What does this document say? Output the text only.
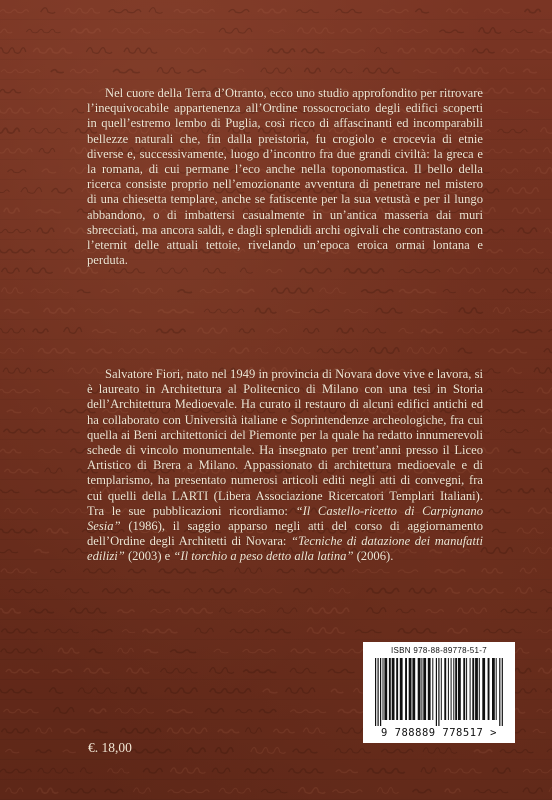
Nel cuore della Terra d’Otranto, ecco uno studio approfondito per ritrovare l’inequivocabile appartenenza all’Ordine rossocrociato degli edifici scoperti in quell’estremo lembo di Puglia, così ricco di affascinanti ed incomparabili bellezze naturali che, fin dalla preistoria, fu crogiolo e crocevia di etnie diverse e, successivamente, luogo d’incontro fra due grandi civiltà: la greca e la romana, di cui permane l’eco anche nella toponomastica. Il bello della ricerca consiste proprio nell’emozionante avventura di penetrare nel mistero di una chiesetta templare, anche se fatiscente per la sua vetustà e per il lungo abbandono, o di imbattersi casualmente in un’antica masseria dai muri sbrecciati, ma ancora saldi, e dagli splendidi archi ogivali che contrastano con l’eternit delle attuali tettoie, rivelando un’epoca eroica ormai lontana e perduta.
Salvatore Fiori, nato nel 1949 in provincia di Novara dove vive e lavora, si è laureato in Architettura al Politecnico di Milano con una tesi in Storia dell’Architettura Medioevale. Ha curato il restauro di alcuni edifici antichi ed ha collaborato con Università italiane e Soprintendenze archeologiche, fra cui quella ai Beni architettonici del Piemonte per la quale ha redatto innumerevoli schede di vincolo monumentale. Ha insegnato per trent’anni presso il Liceo Artistico di Brera a Milano. Appassionato di architettura medioevale e di templarismo, ha presentato numerosi articoli editi negli atti di convegni, fra cui quelli della LARTI (Libera Associazione Ricercatori Templari Italiani). Tra le sue pubblicazioni ricordiamo: “Il Castello-ricetto di Carpignano Sesia” (1986), il saggio apparso negli atti del corso di aggiornamento dell’Ordine degli Architetti di Novara: “Tecniche di datazione dei manufatti edilizi” (2003) e “Il torchio a peso detto alla latina” (2006).
ISBN 978-88-89778-51-7
9 788889 778517 >
€. 18,00
